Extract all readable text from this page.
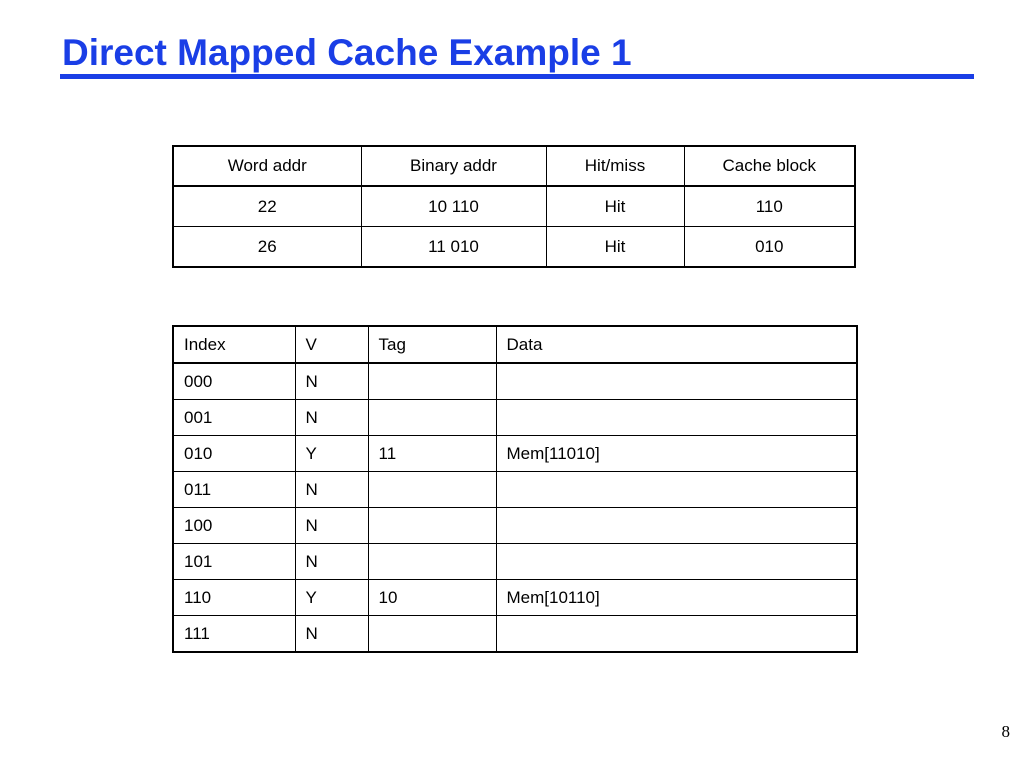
Direct Mapped Cache Example 1
Word addr	Binary addr	Hit/miss	Cache block
22	10 110	Hit	110
26	11 010	Hit	010
Index	V	Tag	Data
000	N		
001	N		
010	Y	11	Mem[11010]
011	N		
100	N		
101	N		
110	Y	10	Mem[10110]
111	N		
8
